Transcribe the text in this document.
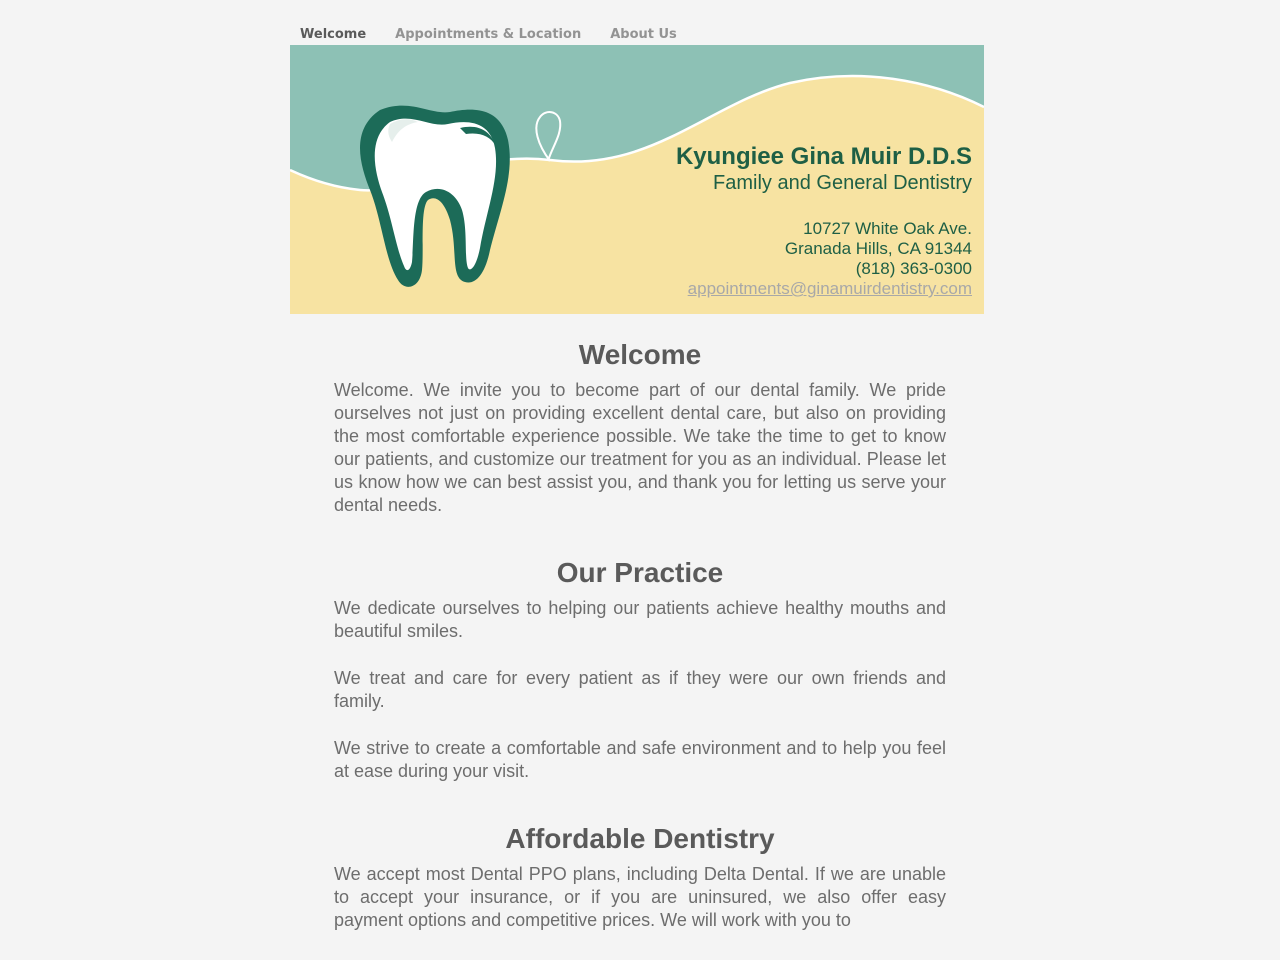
Welcome	Appointments & Location	About Us
Kyungiee Gina Muir D.D.S
Family and General Dentistry
10727 White Oak Ave.
Granada Hills, CA 91344
(818) 363-0300
appointments@ginamuirdentistry.com
Welcome

Welcome. We invite you to become part of our dental family. We pride ourselves not just on providing excellent dental care, but also on providing the most comfortable experience possible. We take the time to get to know our patients, and customize our treatment for you as an individual. Please let us know how we can best assist you, and thank you for letting us serve your dental needs.

Our Practice

We dedicate ourselves to helping our patients achieve healthy mouths and beautiful smiles.

We treat and care for every patient as if they were our own friends and family.

We strive to create a comfortable and safe environment and to help you feel at ease during your visit.

Affordable Dentistry

We accept most Dental PPO plans, including Delta Dental. If we are unable to accept your insurance, or if you are uninsured, we also offer easy payment options and competitive prices. We will work with you to
